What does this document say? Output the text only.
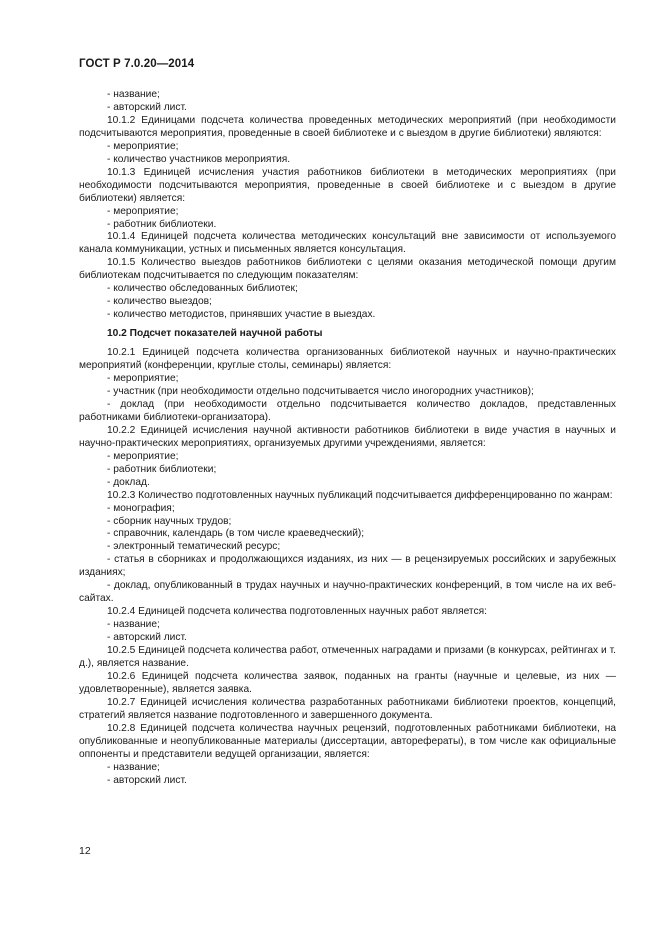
ГОСТ Р 7.0.20—2014

- название;

- авторский лист.

10.1.2 Единицами подсчета количества проведенных методических мероприятий (при необходимости подсчитываются мероприятия, проведенные в своей библиотеке и с выездом в другие библиотеки) являются:

- мероприятие;

- количество участников мероприятия.

10.1.3 Единицей исчисления участия работников библиотеки в методических мероприятиях (при необходимости подсчитываются мероприятия, проведенные в своей библиотеке и с выездом в другие библиотеки) является:

- мероприятие;

- работник библиотеки.

10.1.4 Единицей подсчета количества методических консультаций вне зависимости от используемого канала коммуникации, устных и письменных является консультация.

10.1.5 Количество выездов работников библиотеки с целями оказания методической помощи другим библиотекам подсчитывается по следующим показателям:

- количество обследованных библиотек;

- количество выездов;

- количество методистов, принявших участие в выездах.

10.2 Подсчет показателей научной работы

10.2.1 Единицей подсчета количества организованных библиотекой научных и научно-практических мероприятий (конференции, круглые столы, семинары) является:

- мероприятие;

- участник (при необходимости отдельно подсчитывается число иногородних участников);

- доклад (при необходимости отдельно подсчитывается количество докладов, представленных работниками библиотеки-организатора).

10.2.2 Единицей исчисления научной активности работников библиотеки в виде участия в научных и научно-практических мероприятиях, организуемых другими учреждениями, является:

- мероприятие;

- работник библиотеки;

- доклад.

10.2.3 Количество подготовленных научных публикаций подсчитывается дифференцированно по жанрам:

- монография;

- сборник научных трудов;

- справочник, календарь (в том числе краеведческий);

- электронный тематический ресурс;

- статья в сборниках и продолжающихся изданиях, из них — в рецензируемых российских и зарубежных изданиях;

- доклад, опубликованный в трудах научных и научно-практических конференций, в том числе на их веб-сайтах.

10.2.4 Единицей подсчета количества подготовленных научных работ является:

- название;

- авторский лист.

10.2.5 Единицей подсчета количества работ, отмеченных наградами и призами (в конкурсах, рейтингах и т. д.), является название.

10.2.6 Единицей подсчета количества заявок, поданных на гранты (научные и целевые, из них — удовлетворенные), является заявка.

10.2.7 Единицей исчисления количества разработанных работниками библиотеки проектов, концепций, стратегий является название подготовленного и завершенного документа.

10.2.8 Единицей подсчета количества научных рецензий, подготовленных работниками библиотеки, на опубликованные и неопубликованные материалы (диссертации, авторефераты), в том числе как официальные оппоненты и представители ведущей организации, является:

- название;

- авторский лист.

12
